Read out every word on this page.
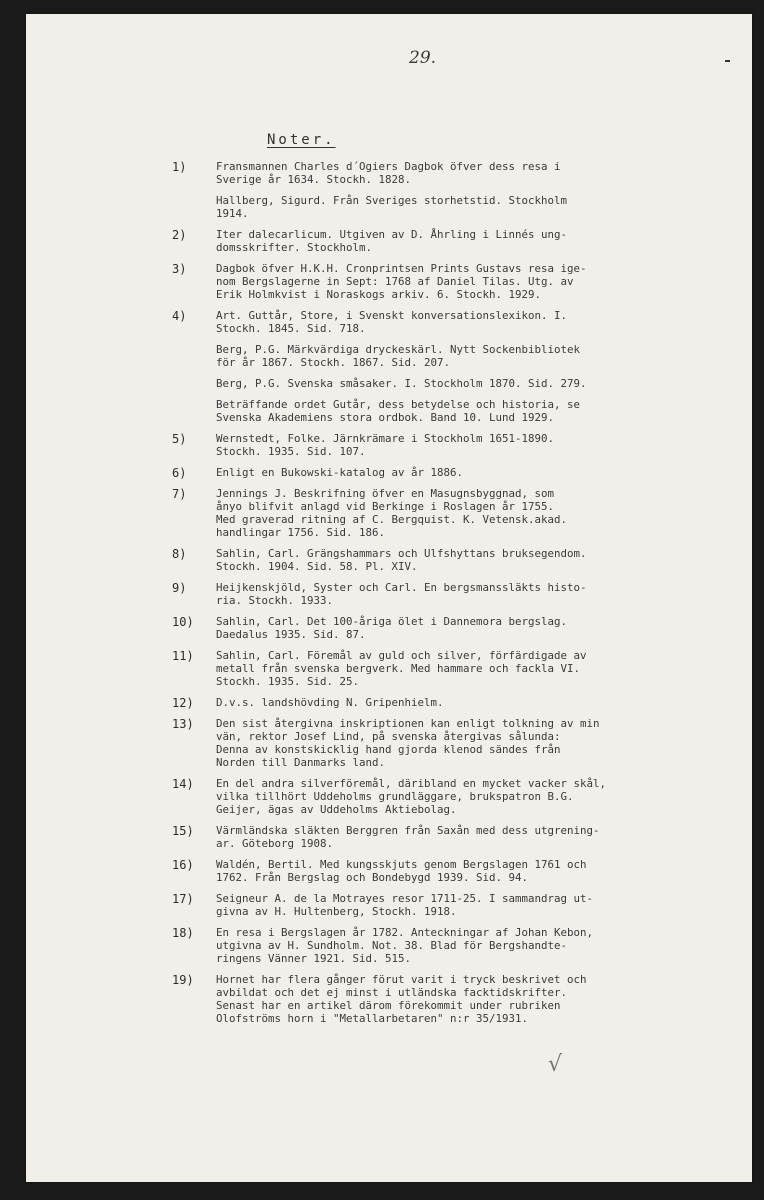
29.
Noter.
1)	Fransmannen Charles d´Ogiers Dagbok öfver dess resa i
Sverige år 1634. Stockh. 1828.
Hallberg, Sigurd. Från Sveriges storhetstid. Stockholm
1914.
2)	Iter dalecarlicum. Utgiven av D. Åhrling i Linnés ung-
domsskrifter. Stockholm.
3)	Dagbok öfver H.K.H. Cronprintsen Prints Gustavs resa ige-
nom Bergslagerne in Sept: 1768 af Daniel Tilas. Utg. av
Erik Holmkvist i Noraskogs arkiv. 6. Stockh. 1929.
4)	Art. Guttår, Store, i Svenskt konversationslexikon. I.
Stockh. 1845. Sid. 718.
Berg, P.G. Märkvärdiga dryckeskärl. Nytt Sockenbibliotek
för år 1867. Stockh. 1867. Sid. 207.
Berg, P.G. Svenska småsaker. I. Stockholm 1870. Sid. 279.
Beträffande ordet Gutår, dess betydelse och historia, se
Svenska Akademiens stora ordbok. Band 10. Lund 1929.
5)	Wernstedt, Folke. Järnkrämare i Stockholm 1651-1890.
Stockh. 1935. Sid. 107.
6)	Enligt en Bukowski-katalog av år 1886.
7)	Jennings J. Beskrifning öfver en Masugnsbyggnad, som
ånyo blifvit anlagd vid Berkinge i Roslagen år 1755.
Med graverad ritning af C. Bergquist. K. Vetensk.akad.
handlingar 1756. Sid. 186.
8)	Sahlin, Carl. Grängshammars och Ulfshyttans bruksegendom.
Stockh. 1904. Sid. 58. Pl. XIV.
9)	Heijkenskjöld, Syster och Carl. En bergsmanssläkts histo-
ria. Stockh. 1933.
10)	Sahlin, Carl. Det 100-åriga ölet i Dannemora bergslag.
Daedalus 1935. Sid. 87.
11)	Sahlin, Carl. Föremål av guld och silver, förfärdigade av
metall från svenska bergverk. Med hammare och fackla VI.
Stockh. 1935. Sid. 25.
12)	D.v.s. landshövding N. Gripenhielm.
13)	Den sist återgivna inskriptionen kan enligt tolkning av min
vän, rektor Josef Lind, på svenska återgivas sålunda:
Denna av konstskicklig hand gjorda klenod sändes från
Norden till Danmarks land.
14)	En del andra silverföremål, däribland en mycket vacker skål,
vilka tillhört Uddeholms grundläggare, brukspatron B.G.
Geijer, ägas av Uddeholms Aktiebolag.
15)	Värmländska släkten Berggren från Saxån med dess utgrening-
ar. Göteborg 1908.
16)	Waldén, Bertil. Med kungsskjuts genom Bergslagen 1761 och
1762. Från Bergslag och Bondebygd 1939. Sid. 94.
17)	Seigneur A. de la Motrayes resor 1711-25. I sammandrag ut-
givna av H. Hultenberg, Stockh. 1918.
18)	En resa i Bergslagen år 1782. Anteckningar af Johan Kebon,
utgivna av H. Sundholm. Not. 38. Blad för Bergshandte-
ringens Vänner 1921. Sid. 515.
19)	Hornet har flera gånger förut varit i tryck beskrivet och
avbildat och det ej minst i utländska facktidskrifter.
Senast har en artikel därom förekommit under rubriken
Olofströms horn i "Metallarbetaren" n:r 35/1931.
√
